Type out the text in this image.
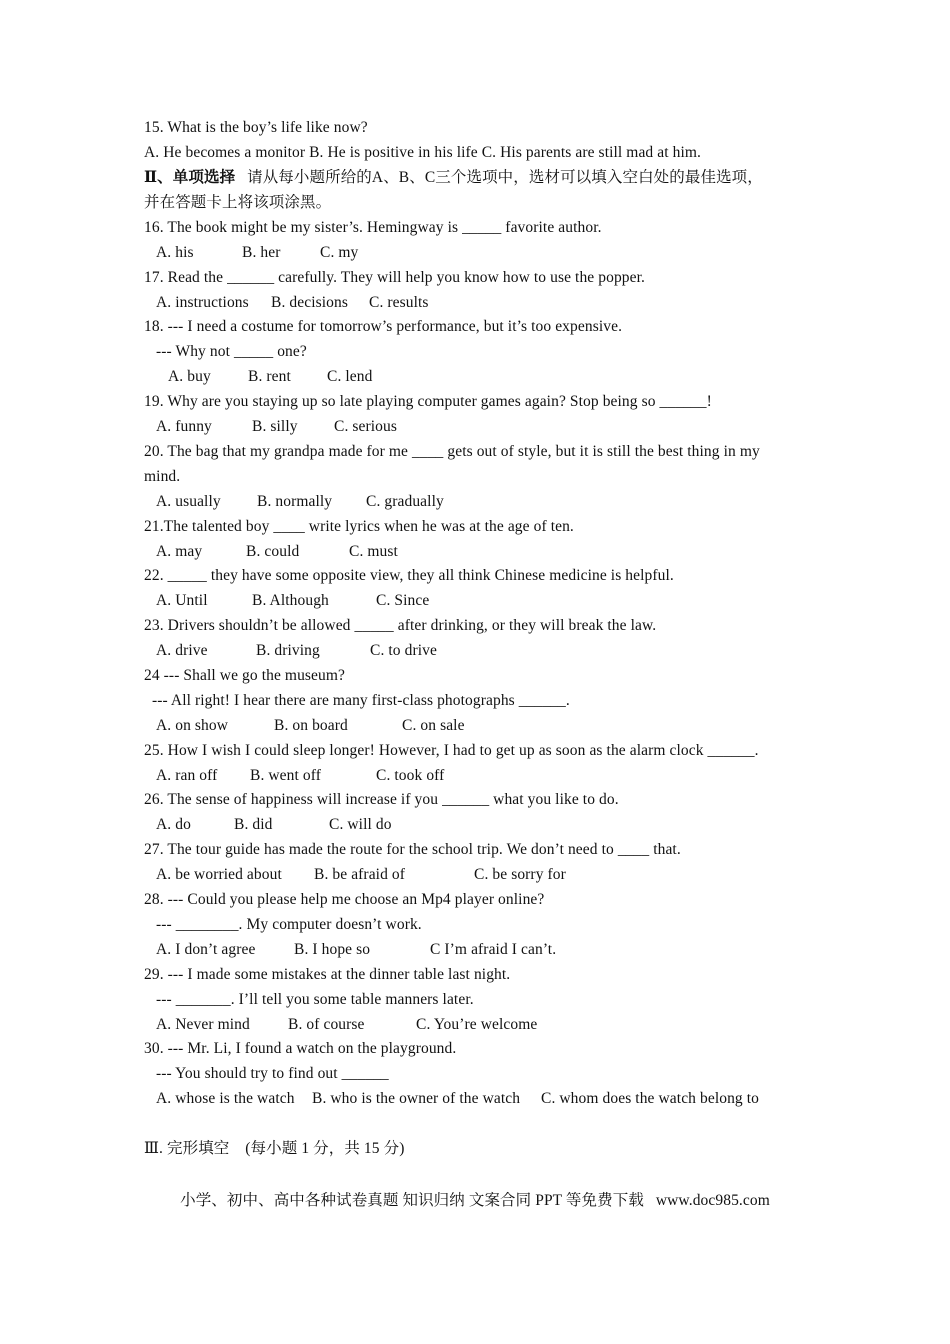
15. What is the boy’s life like now?
A. He becomes a monitor B. He is positive in his life C. His parents are still mad at him.
Ⅱ、单项选择   请从每小题所给的A、B、C三个选项中，选材可以填入空白处的最佳选项，
并在答题卡上将该项涂黑。
16. The book might be my sister’s. Hemingway is _____ favorite author.
A. his	B. her	C. my
17. Read the ______ carefully. They will help you know how to use the popper.
A. instructions B. decisions C. results
18. --- I need a costume for tomorrow’s performance, but it’s too expensive.
--- Why not _____ one?
A. buy B. rent C. lend
19. Why are you staying up so late playing computer games again? Stop being so ______!
A. funny	B. silly C. serious
20. The bag that my grandpa made for me ____ gets out of style, but it is still the best thing in my
mind.
A. usually B. normally C. gradually
21.The talented boy ____ write lyrics when he was at the age of ten.
A. may	B. could	C. must
22. _____ they have some opposite view, they all think Chinese medicine is helpful.
A. Until	B. Although	C. Since
23. Drivers shouldn’t be allowed _____ after drinking, or they will break the law.
A. drive	B. driving	C. to drive
24 --- Shall we go the museum?
--- All right! I hear there are many first-class photographs ______.
A. on show	B. on board	C. on sale
25. How I wish I could sleep longer! However, I had to get up as soon as the alarm clock ______.
A. ran off B. went off	C. took off
26. The sense of happiness will increase if you ______ what you like to do.
A. do	B. did	C. will do
27. The tour guide has made the route for the school trip. We don’t need to ____ that.
A. be worried about B. be afraid of	C. be sorry for
28. --- Could you please help me choose an Mp4 player online?
--- ________. My computer doesn’t work.
A. I don’t agree B. I hope so	C I’m afraid I can’t.
29. --- I made some mistakes at the dinner table last night.
--- _______. I’ll tell you some table manners later.
A. Never mind B. of course	C. You’re welcome
30. --- Mr. Li, I found a watch on the playground.
--- You should try to find out ______
A. whose is the watch B. who is the owner of the watch C. whom does the watch belong to
Ⅲ. 完形填空    (每小题 1 分，共 15 分)
小学、初中、高中各种试卷真题 知识归纳 文案合同 PPT 等免费下载   www.doc985.com
